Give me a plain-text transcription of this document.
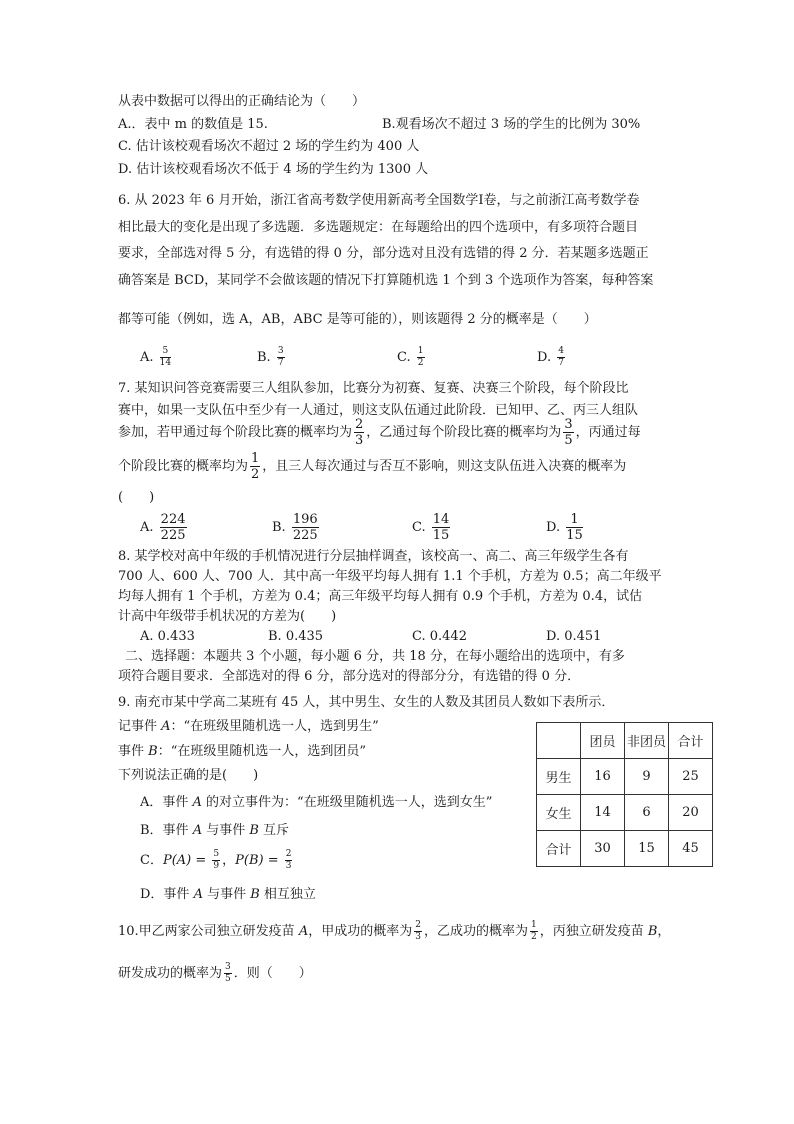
从表中数据可以得出的正确结论为（　　）
A.．表中 m 的数值是 15.	B.观看场次不超过 3 场的学生的比例为 30%
C. 估计该校观看场次不超过 2 场的学生约为 400 人
D. 估计该校观看场次不低于 4 场的学生约为 1300 人
6. 从 2023 年 6 月开始，浙江省高考数学使用新高考全国数学Ⅰ卷，与之前浙江高考数学卷
相比最大的变化是出现了多选题．多选题规定：在每题给出的四个选项中，有多项符合题目
要求，全部选对得 5 分，有选错的得 0 分，部分选对且没有选错的得 2 分．若某题多选题正
确答案是 BCD，某同学不会做该题的情况下打算随机选 1 个到 3 个选项作为答案，每种答案
都等可能（例如，选 A，AB，ABC 是等可能的），则该题得 2 分的概率是（　　）
A. $\frac{5}{14}$	B. $\frac{3}{7}$	C. $\frac{1}{2}$	D. $\frac{4}{7}$
7. 某知识问答竞赛需要三人组队参加，比赛分为初赛、复赛、决赛三个阶段，每个阶段比
赛中，如果一支队伍中至少有一人通过，则这支队伍通过此阶段．已知甲、乙、丙三人组队
参加，若甲通过每个阶段比赛的概率均为 $\frac{2}{3}$ ，乙通过每个阶段比赛的概率均为 $\frac{3}{5}$ ，丙通过每
个阶段比赛的概率均为 $\frac{1}{2}$ ，且三人每次通过与否互不影响，则这支队伍进入决赛的概率为
(　　)
A. $\frac{224}{225}$	B. $\frac{196}{225}$	C. $\frac{14}{15}$	D. $\frac{1}{15}$
8. 某学校对高中年级的手机情况进行分层抽样调查，该校高一、高二、高三年级学生各有
700 人、600 人、700 人．其中高一年级平均每人拥有 1.1 个手机，方差为 0.5；高二年级平
均每人拥有 1 个手机，方差为 0.4；高三年级平均每人拥有 0.9 个手机，方差为 0.4，试估
计高中年级带手机状况的方差为(　　)
A. 0.433	B. 0.435	C. 0.442	D. 0.451
二、选择题：本题共 3 个小题，每小题 6 分，共 18 分，在每小题给出的选项中，有多
项符合题目要求．全部选对的得 6 分，部分选对的得部分分，有选错的得 0 分．
9. 南充市某中学高二某班有 45 人，其中男生、女生的人数及其团员人数如下表所示．
记事件 A：“在班级里随机选一人，选到男生”
事件 B：“在班级里随机选一人，选到团员”
下列说法正确的是(　　)
A．事件 A 的对立事件为：“在班级里随机选一人，选到女生”
B．事件 A 与事件 B 互斥
C．$P(A) = \frac{5}{9}$ ，$P(B) = \frac{2}{3}$
D．事件 A 与事件 B 相互独立
	团员	非团员	合计
男生	16	9	25
女生	14	6	20
合计	30	15	45
10.甲乙两家公司独立研发疫苗 A，甲成功的概率为 $\frac{2}{3}$ ，乙成功的概率为 $\frac{1}{2}$ ，丙独立研发疫苗 B，
研发成功的概率为 $\frac{3}{5}$ ．则（　　）
